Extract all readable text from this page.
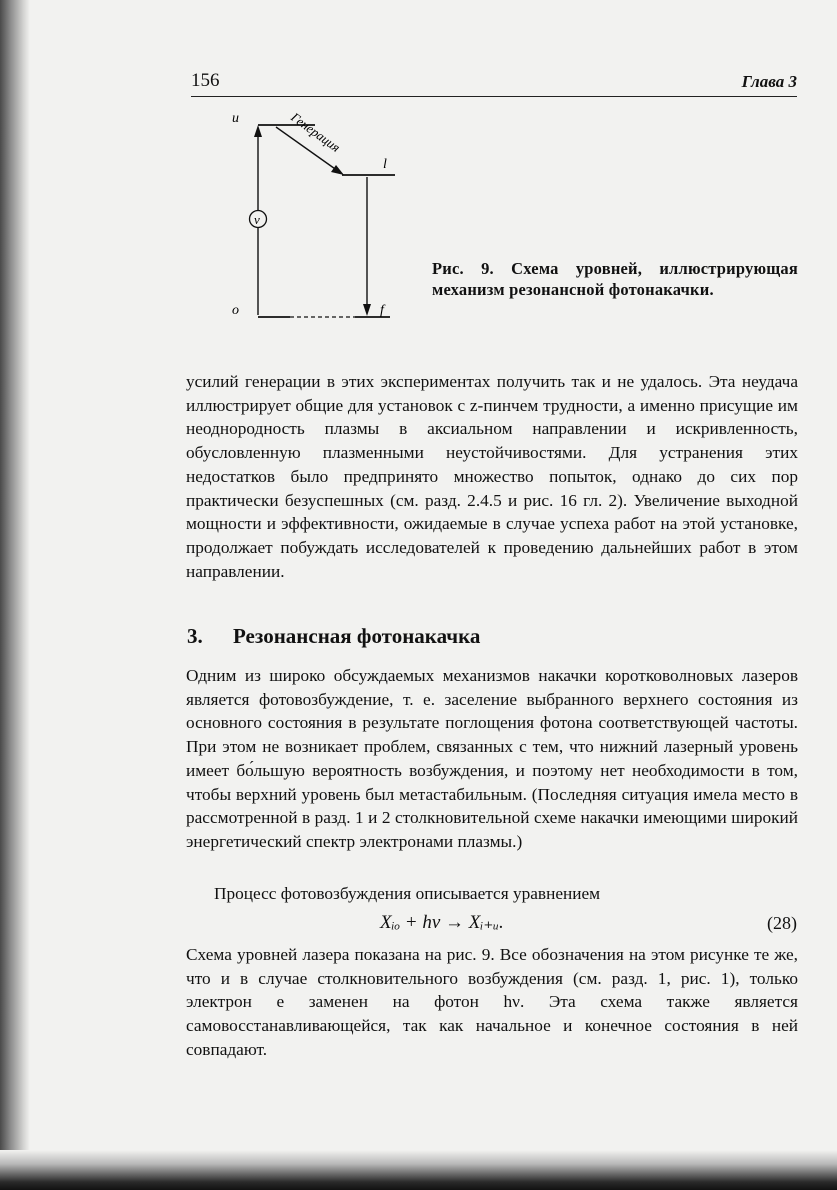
156	Глава 3
u
l
o	f
ν
Генерация
Рис. 9. Схема уровней, иллюстрирующая механизм резонансной фотонакачки.

усилий генерации в этих экспериментах получить так и не удалось. Эта неудача иллюстрирует общие для установок с z-пинчем трудности, а именно присущие им неоднородность плазмы в аксиальном направлении и искривленность, обусловленную плазменными неустойчивостями. Для устранения этих недостатков было предпринято множество попыток, однако до сих пор практически безуспешных (см. разд. 2.4.5 и рис. 16 гл. 2). Увеличение выходной мощности и эффективности, ожидаемые в случае успеха работ на этой установке, продолжает побуждать исследователей к проведению дальнейших работ в этом направлении.

3. Резонансная фотонакачка

Одним из широко обсуждаемых механизмов накачки коротковолновых лазеров является фотовозбуждение, т. е. заселение выбранного верхнего состояния из основного состояния в результате поглощения фотона соответствующей частоты. При этом не возникает проблем, связанных с тем, что нижний лазерный уровень имеет бо́льшую вероятность возбуждения, и поэтому нет необходимости в том, чтобы верхний уровень был метастабильным. (Последняя ситуация имела место в рассмотренной в разд. 1 и 2 столкновительной схеме накачки имеющими широкий энергетический спектр электронами плазмы.)

Процесс фотовозбуждения описывается уравнением

Xᵢₒ + hν → Xᵢ₊ᵤ.	(28)

Схема уровней лазера показана на рис. 9. Все обозначения на этом рисунке те же, что и в случае столкновительного возбуждения (см. разд. 1, рис. 1), только электрон e заменен на фотон hν. Эта схема также является самовосстанавливающейся, так как начальное и конечное состояния в ней совпадают.
